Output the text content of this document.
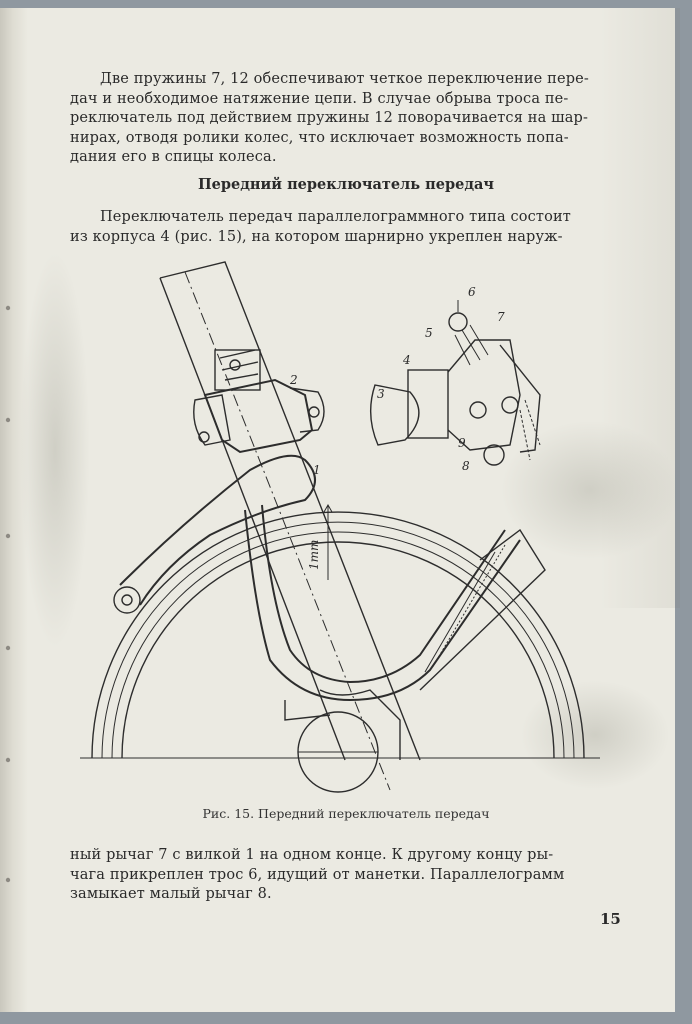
Две пружины 7, 12 обеспечивают четкое переключение пере-
дач и необходимое натяжение цепи. В случае обрыва троса пе-
реключатель под действием пружины 12 поворачивается на шар-
нирах, отводя ролики колес, что исключает возможность попа-
дания его в спицы колеса.
Передний переключатель передач
Переключатель передач параллелограммного типа состоит
из корпуса 4 (рис. 15), на котором шарнирно укреплен наруж-
1mm
2
1
3
4
5
6
7
8
9
Рис. 15. Передний переключатель передач
ный рычаг 7 с вилкой 1 на одном конце. К другому концу ры-
чага прикреплен трос 6, идущий от манетки. Параллелограмм
замыкает малый рычаг 8.
15
